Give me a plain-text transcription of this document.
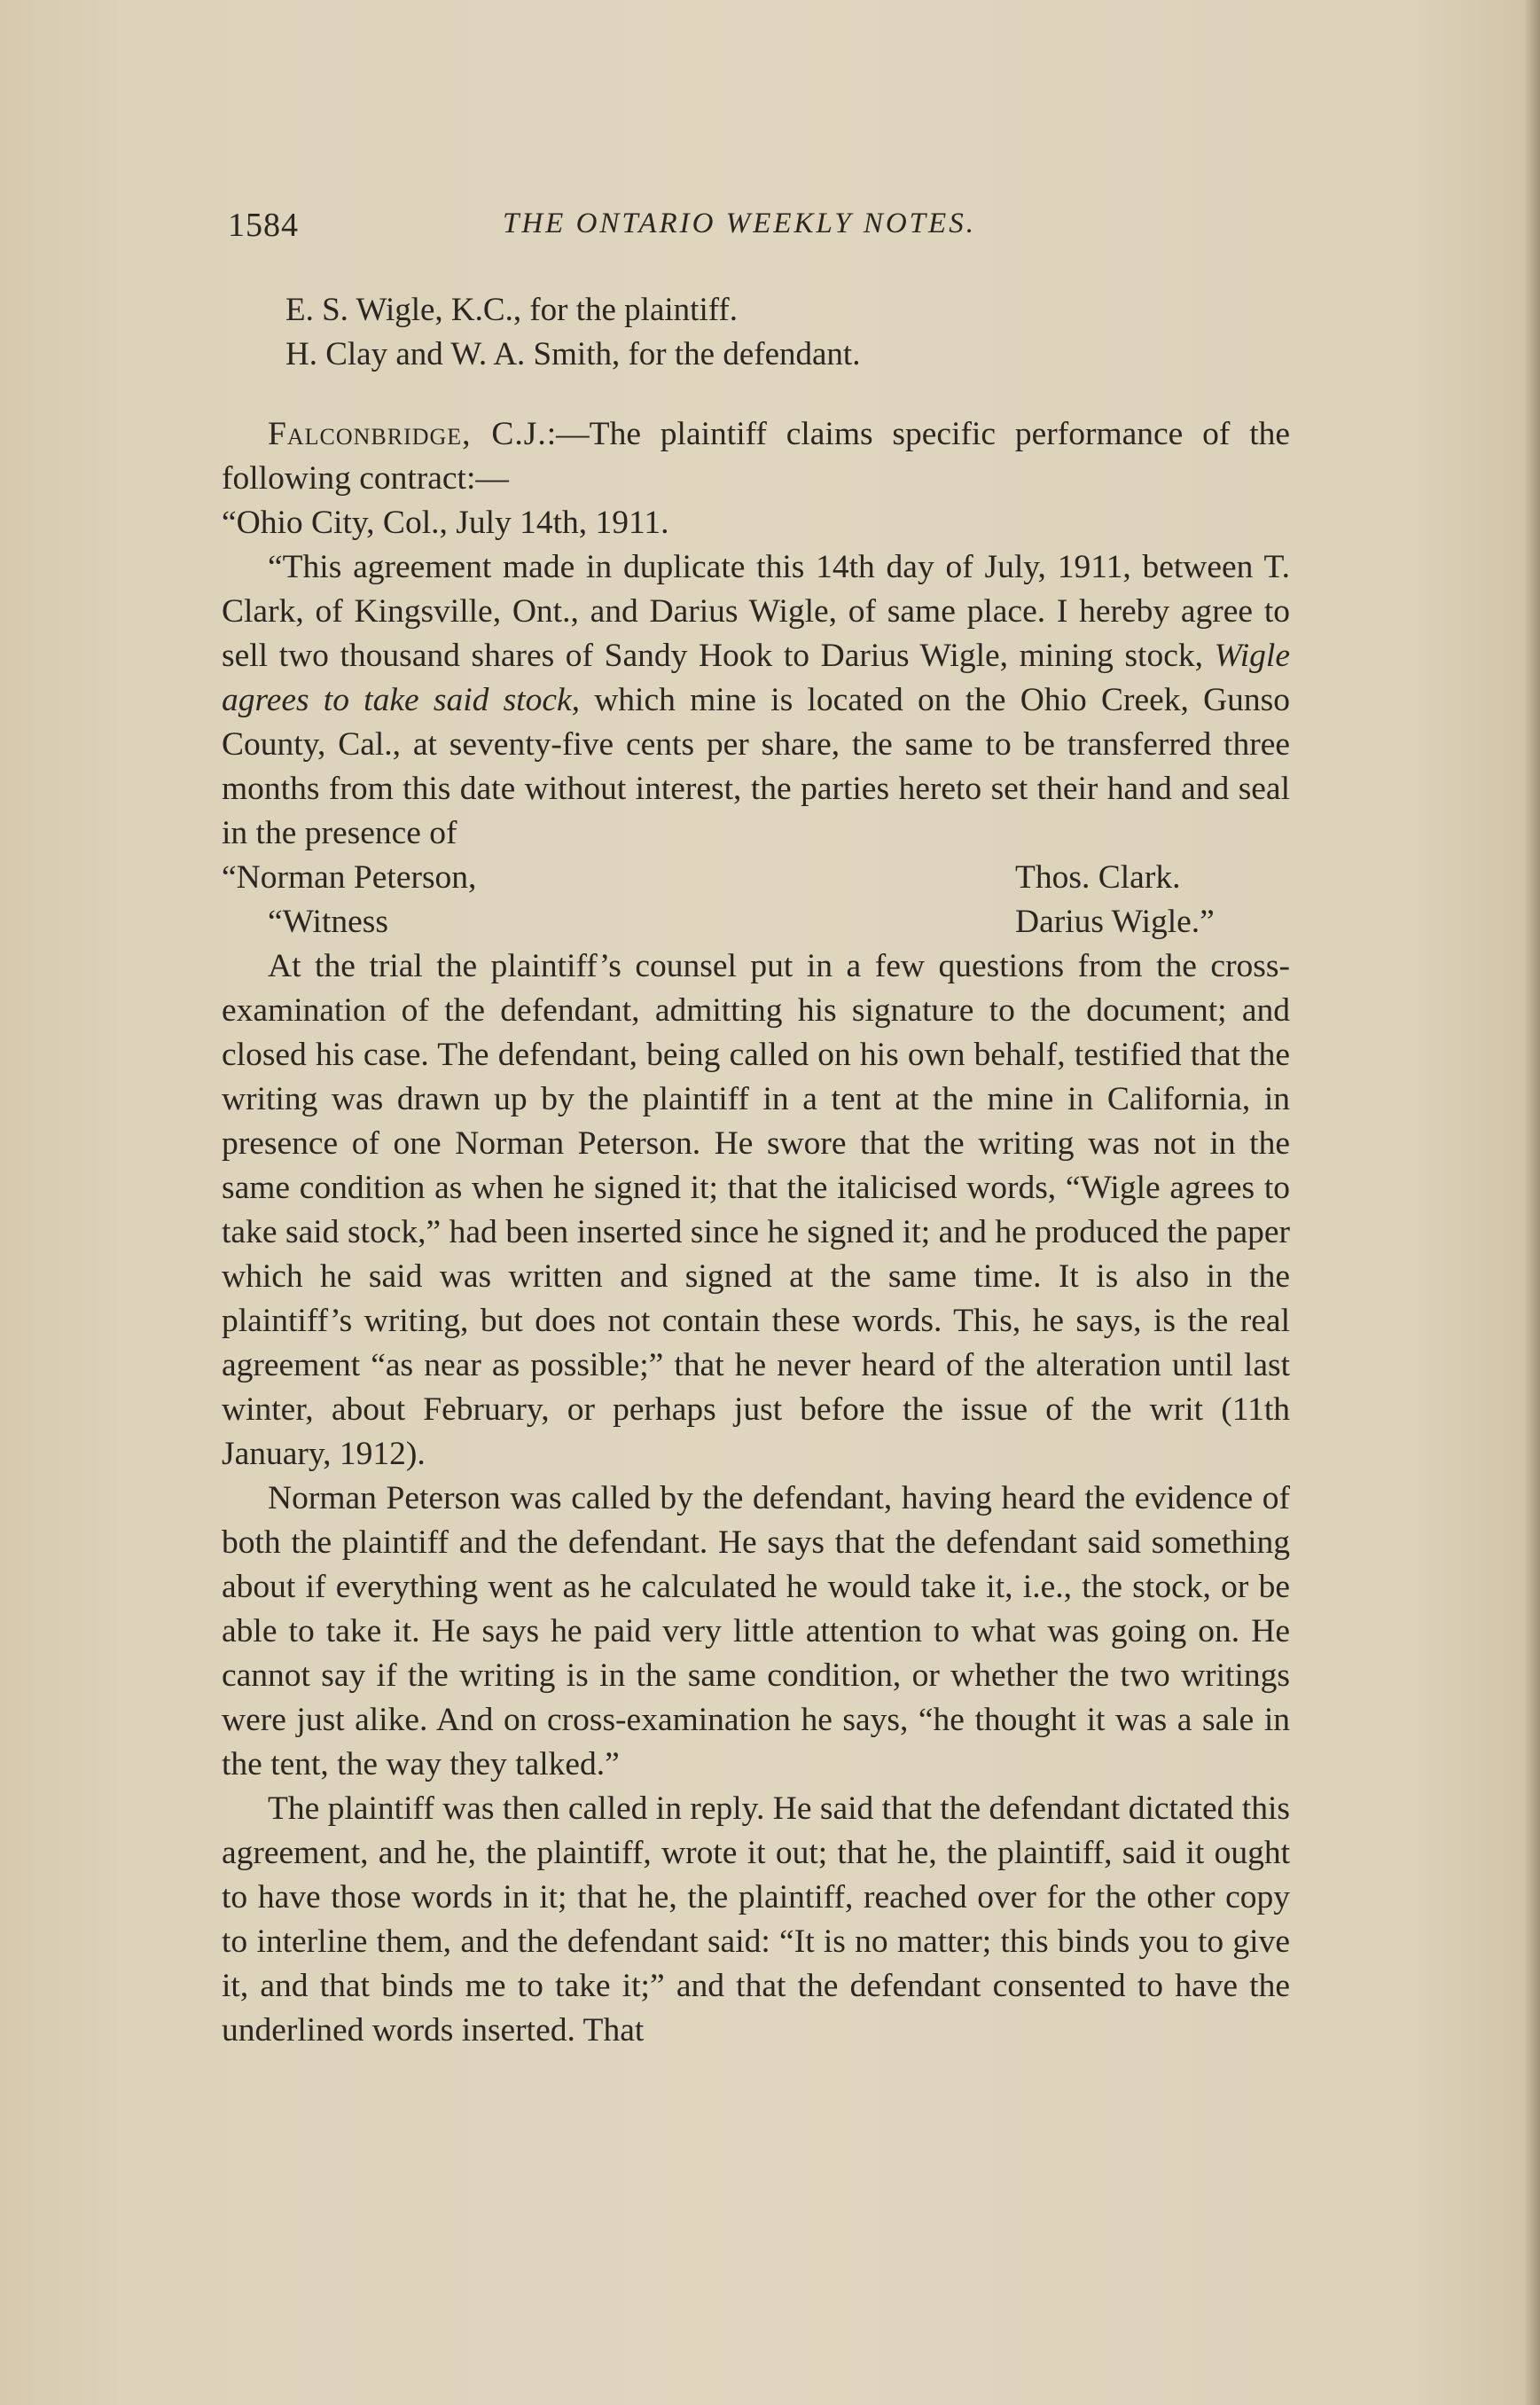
1584	THE ONTARIO WEEKLY NOTES.
E. S. Wigle, K.C., for the plaintiff.
H. Clay and W. A. Smith, for the defendant.

Falconbridge, C.J.:—The plaintiff claims specific performance of the following contract:—

“Ohio City, Col., July 14th, 1911.

“This agreement made in duplicate this 14th day of July, 1911, between T. Clark, of Kingsville, Ont., and Darius Wigle, of same place. I hereby agree to sell two thousand shares of Sandy Hook to Darius Wigle, mining stock, Wigle agrees to take said stock, which mine is located on the Ohio Creek, Gunso County, Cal., at seventy-five cents per share, the same to be transferred three months from this date without interest, the parties hereto set their hand and seal in the presence of

“Norman Peterson,	Thos. Clark.
“Witness	Darius Wigle.”

At the trial the plaintiff’s counsel put in a few questions from the cross-examination of the defendant, admitting his signature to the document; and closed his case. The defendant, being called on his own behalf, testified that the writing was drawn up by the plaintiff in a tent at the mine in California, in presence of one Norman Peterson. He swore that the writing was not in the same condition as when he signed it; that the italicised words, “Wigle agrees to take said stock,” had been inserted since he signed it; and he produced the paper which he said was written and signed at the same time. It is also in the plaintiff’s writing, but does not contain these words. This, he says, is the real agreement “as near as possible;” that he never heard of the alteration until last winter, about February, or perhaps just before the issue of the writ (11th January, 1912).

Norman Peterson was called by the defendant, having heard the evidence of both the plaintiff and the defendant. He says that the defendant said something about if everything went as he calculated he would take it, i.e., the stock, or be able to take it. He says he paid very little attention to what was going on. He cannot say if the writing is in the same condition, or whether the two writings were just alike. And on cross-examination he says, “he thought it was a sale in the tent, the way they talked.”

The plaintiff was then called in reply. He said that the defendant dictated this agreement, and he, the plaintiff, wrote it out; that he, the plaintiff, said it ought to have those words in it; that he, the plaintiff, reached over for the other copy to interline them, and the defendant said: “It is no matter; this binds you to give it, and that binds me to take it;” and that the defendant consented to have the underlined words inserted. That
